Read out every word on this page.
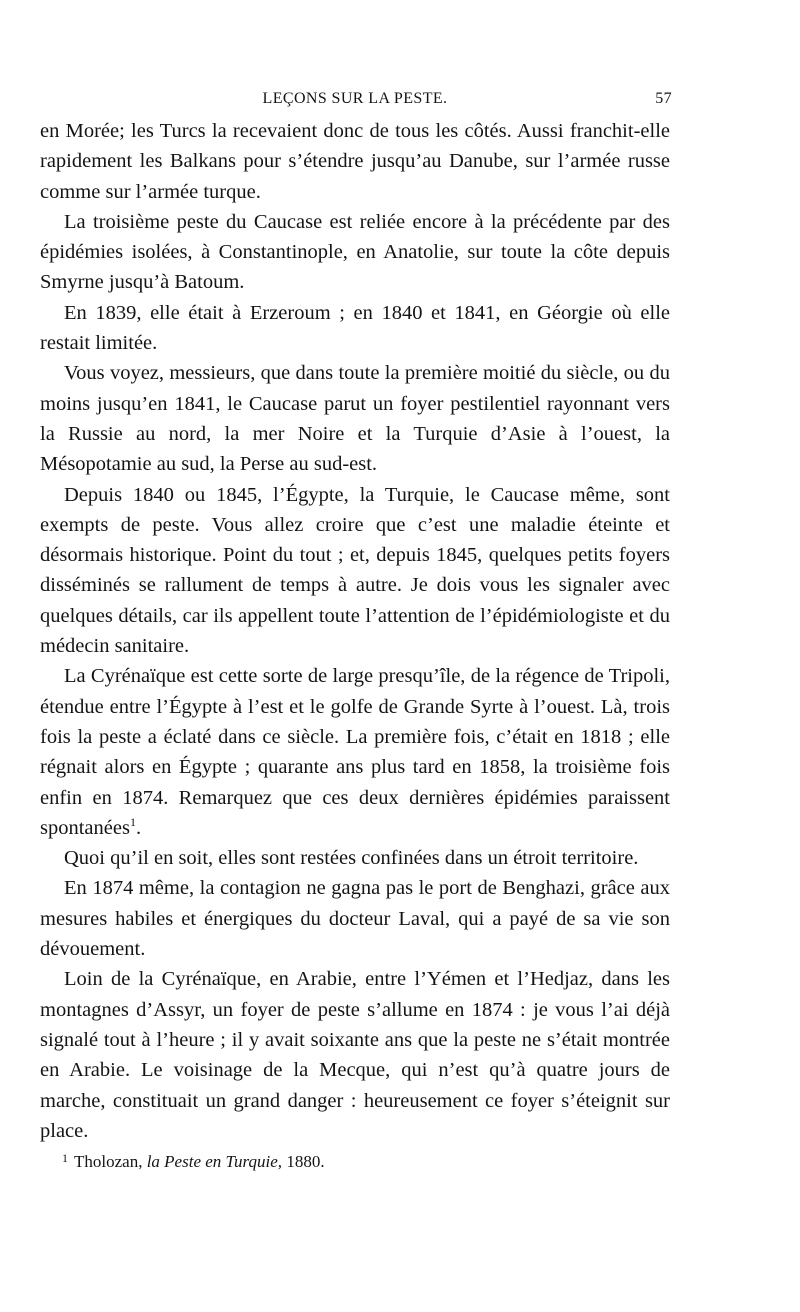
LEÇONS SUR LA PESTE.	57

en Morée; les Turcs la recevaient donc de tous les côtés. Aussi franchit-elle rapidement les Balkans pour s’étendre jusqu’au Danube, sur l’armée russe comme sur l’armée turque.

La troisième peste du Caucase est reliée encore à la précédente par des épidémies isolées, à Constantinople, en Anatolie, sur toute la côte depuis Smyrne jusqu’à Batoum.

En 1839, elle était à Erzeroum ; en 1840 et 1841, en Géorgie où elle restait limitée.

Vous voyez, messieurs, que dans toute la première moitié du siècle, ou du moins jusqu’en 1841, le Caucase parut un foyer pestilentiel rayonnant vers la Russie au nord, la mer Noire et la Turquie d’Asie à l’ouest, la Mésopotamie au sud, la Perse au sud-est.

Depuis 1840 ou 1845, l’Égypte, la Turquie, le Caucase même, sont exempts de peste. Vous allez croire que c’est une maladie éteinte et désormais historique. Point du tout ; et, depuis 1845, quelques petits foyers disséminés se rallument de temps à autre. Je dois vous les signaler avec quelques détails, car ils appellent toute l’attention de l’épidémiologiste et du médecin sanitaire.

La Cyrénaïque est cette sorte de large presqu’île, de la régence de Tripoli, étendue entre l’Égypte à l’est et le golfe de Grande Syrte à l’ouest. Là, trois fois la peste a éclaté dans ce siècle. La première fois, c’était en 1818 ; elle régnait alors en Égypte ; quarante ans plus tard en 1858, la troisième fois enfin en 1874. Remarquez que ces deux dernières épidémies paraissent spontanées$^1$.

Quoi qu’il en soit, elles sont restées confinées dans un étroit territoire.

En 1874 même, la contagion ne gagna pas le port de Benghazi, grâce aux mesures habiles et énergiques du docteur Laval, qui a payé de sa vie son dévouement.

Loin de la Cyrénaïque, en Arabie, entre l’Yémen et l’Hedjaz, dans les montagnes d’Assyr, un foyer de peste s’allume en 1874 : je vous l’ai déjà signalé tout à l’heure ; il y avait soixante ans que la peste ne s’était montrée en Arabie. Le voisinage de la Mecque, qui n’est qu’à quatre jours de marche, constituait un grand danger : heureusement ce foyer s’éteignit sur place.

1 Tholozan, la Peste en Turquie, 1880.
